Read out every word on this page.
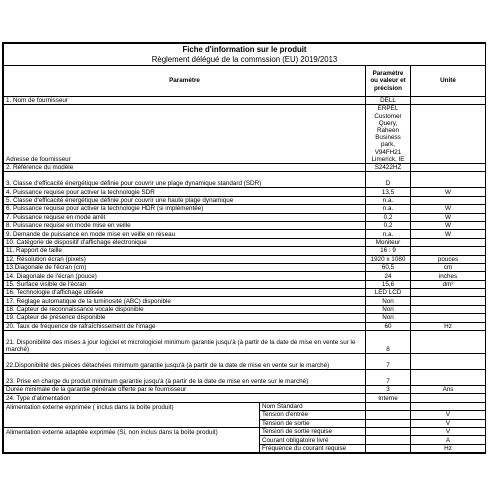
Fiche d'information sur le produit			
Règlement délégué de la commssion (EU) 2019/2013			
Paramètre		Paramètre ou valeur et précision	Unité
1. Nom de fournisseur		DELL	
Adresse de fournisseur		ERPEL Customer Query, Raheen Business park, V94FH21 Limerick, IE	
2. Référence du modèle		S2422HZ	
3. Classe d'efficacité énergétique définie pour couvrir une plage dynamique standard (SDR)		D	
4. Puissance requise pour activer la technologie SDR		13,5	W
5. Classe d'efficacité énergétique définie pour couvrir une haute plage dynamique		n.a.	
6. Puissance requise pour activer la technologie HDR (si implémentée)		n.a.	W
7. Puissance requise en mode arrêt		0,2	W
8. Puissance requise en mode mise en veille		0,2	W
9. Demande de puissance en mode mise en veille en réseau		n.a.	W
10. Catégorie de dispositif d'affichage électronique		Moniteur	
11. Rapport de taille		16 : 9	
12. Résolution écran (pixels)		1920 x 1080	pouces
13.Diagonale de l'écran (cm)		60,5	cm
14. Diagonale de l'écran (pouce)		24	inches
15. Surface visible de l'écran		15,6	dm³
16. Technologie d'affichage utilisée		LED LCD	
17. Réglage automatique de la luminosité (ABC) disponible		Non	
18. Capteur de reconnaissance vocale disponible		Non	
19. Capteur de présence disponible		Non	
20. Taux de fréquence de rafraîchissement de l'image		60	Hz
21. Disponibilité des mises à jour logiciel et micrologiciel minimum garantie jusqu'à (à partir de la date de mise en vente sur le marché)		8	
22.Disponibilité des pièces détachées minimum garantie jusqu'à (à partir de la date de mise en vente sur le marché)		7	
23. Prise en charge du produit minimum garantie jusqu'à (à partir de la date de mise en vente sur le marché)		7	
Durée minimale de la garantie générale offerte par le fournisseur		3	Ans
24. Type d'alimentation		Interne	
Alimentation externe exprimée ( inclus dans la boîte produit)	Nom Standard		
	Tension d'entrée		V
	Tension de sortie		V
Alimentation externe adaptée exprimée (Si, non inclus dans la boîte produit)	Tension de sortie requise		V
	Courant obligatoire livré		A
	Fréquence du courant requise		Hz
